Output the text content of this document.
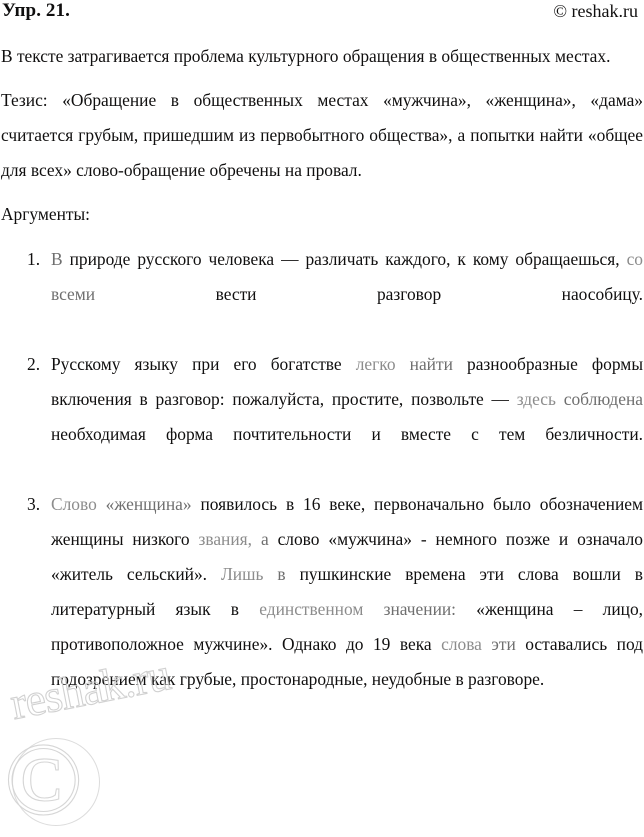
Упр. 21.	© reshak.ru

В тексте затрагивается проблема культурного обращения в общественных местах.

Тезис: «Обращение в общественных местах «мужчина», «женщина», «дама» считается грубым, пришедшим из первобытного общества», а попытки найти «общее для всех» слово-обращение обречены на провал.

Аргументы:

1. В природе русского человека — различать каждого, к кому обращаешься, со всеми вести разговор наособицу.
2. Русскому языку при его богатстве легко найти разнообразные формы включения в разговор: пожалуйста, простите, позвольте — здесь соблюдена необходимая форма почтительности и вместе с тем безличности.
3. Слово «женщина» появилось в 16 веке, первоначально было обозначением женщины низкого звания, а слово «мужчина» - немного позже и означало «житель сельский». Лишь в пушкинские времена эти слова вошли в литературный язык в единственном значении: «женщина – лицо, противоположное мужчине». Однако до 19 века слова эти оставались под подозрением как грубые, простонародные, неудобные в разговоре.
reshak.ru
©
